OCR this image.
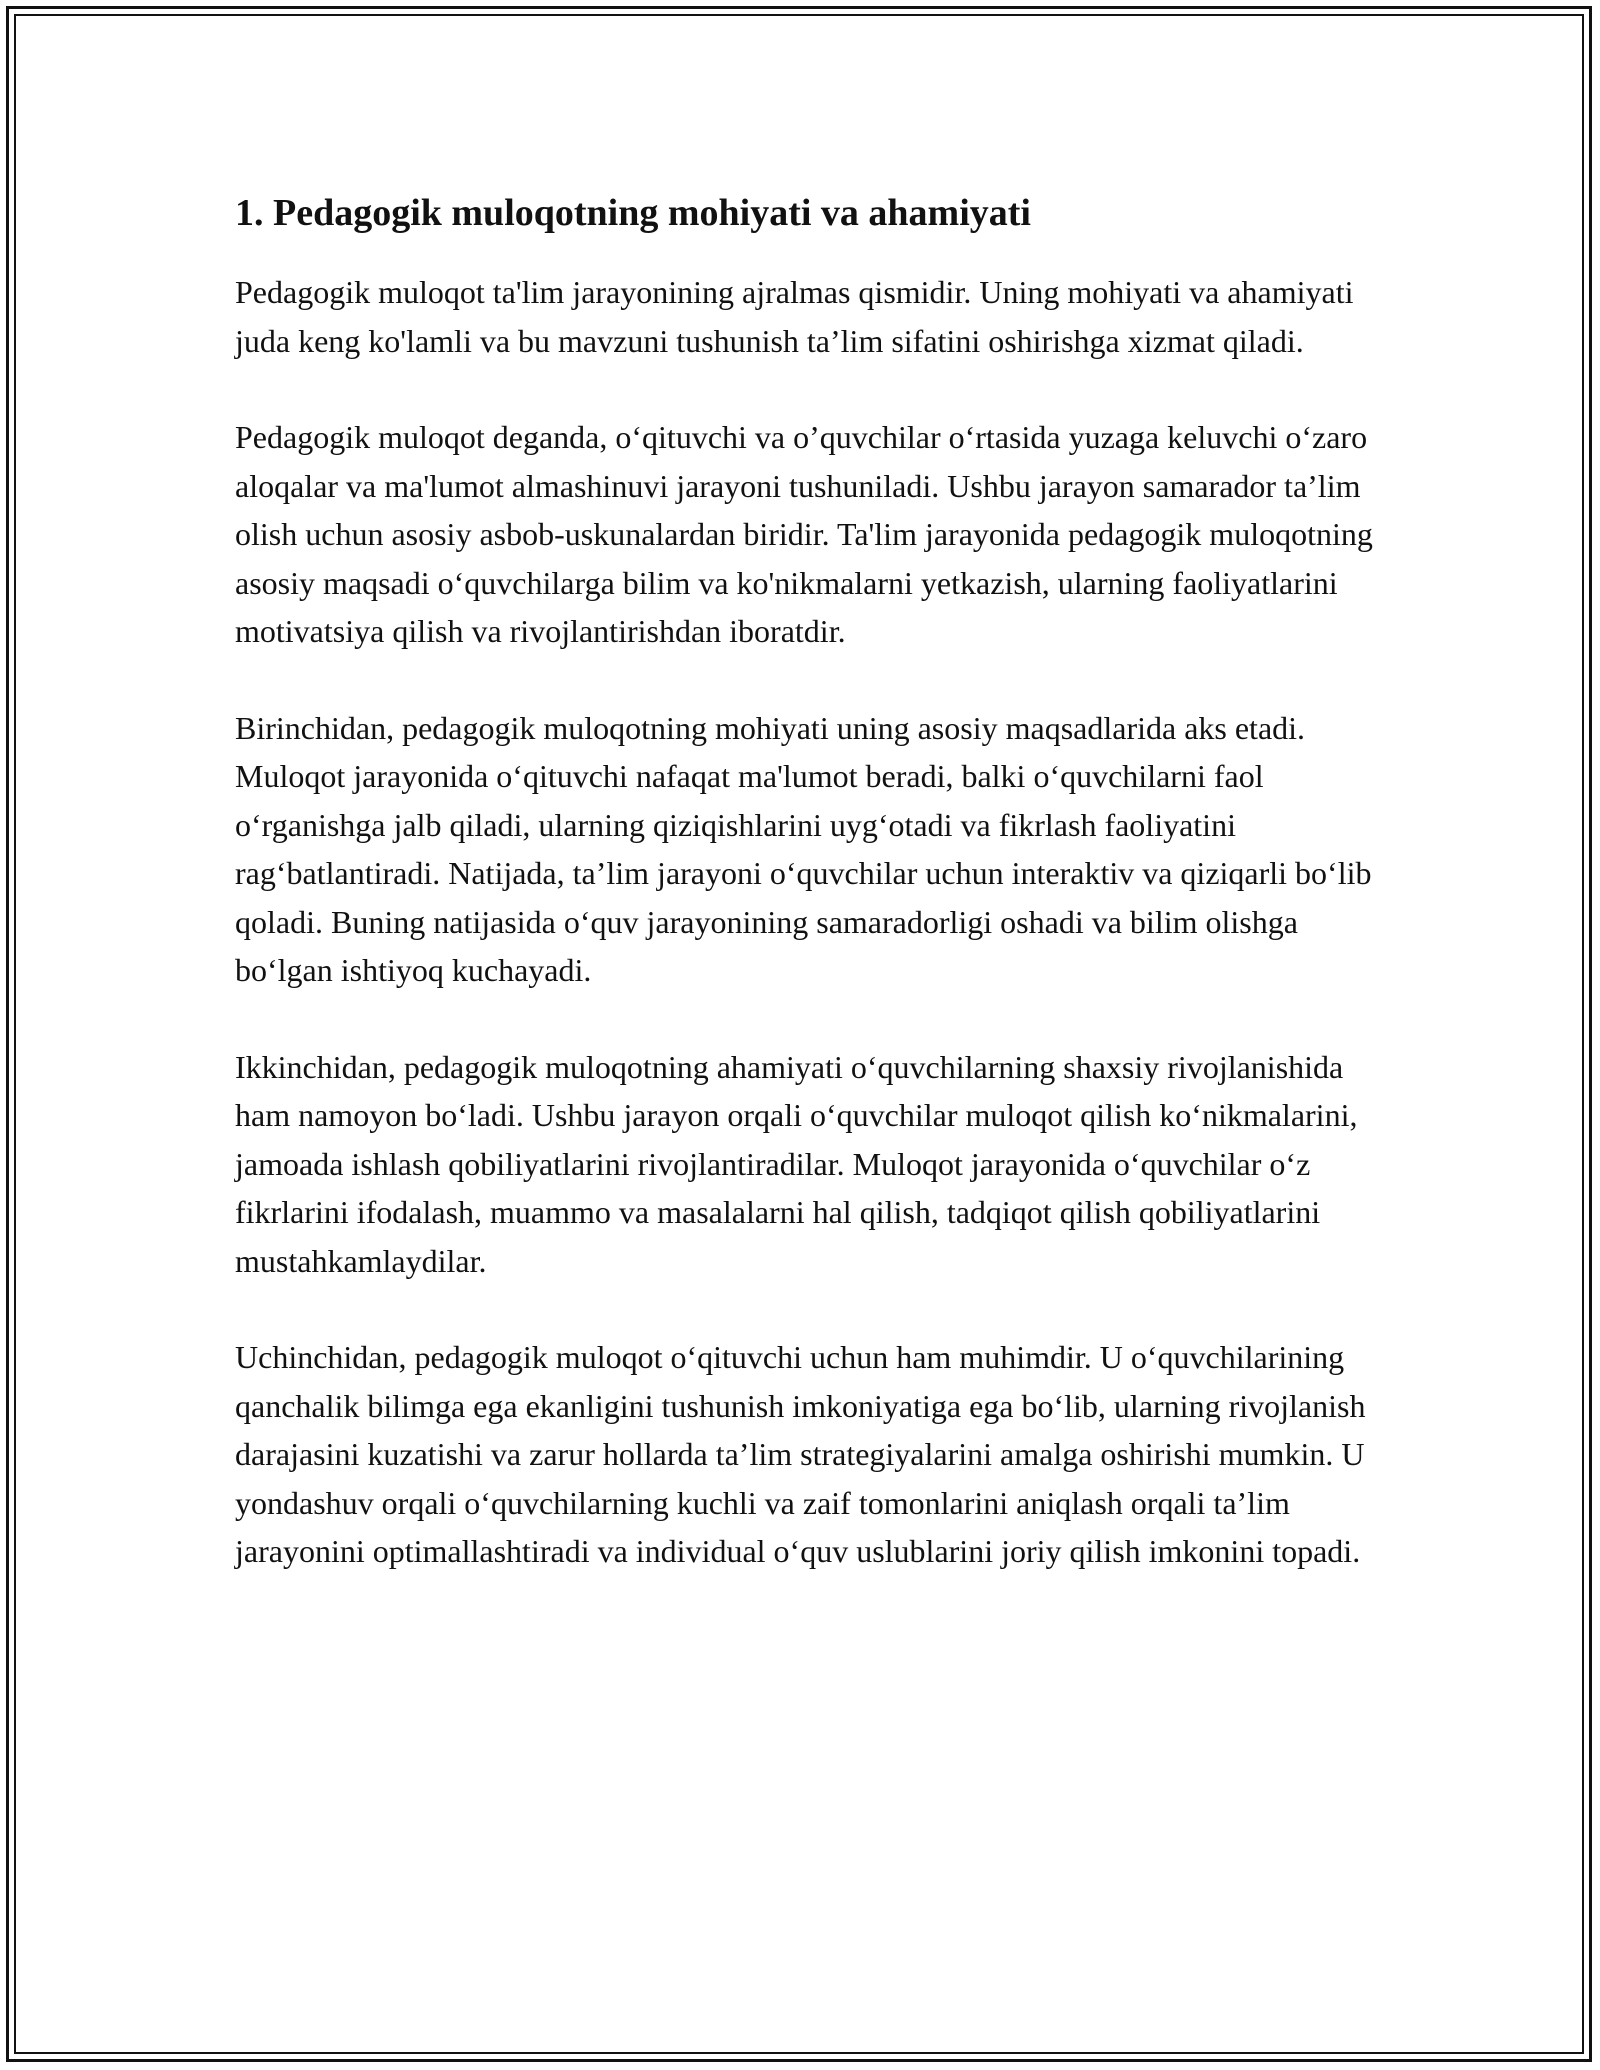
1. Pedagogik muloqotning mohiyati va ahamiyati

Pedagogik muloqot ta'lim jarayonining ajralmas qismidir. Uning mohiyati va ahamiyati juda keng ko'lamli va bu mavzuni tushunish ta’lim sifatini oshirishga xizmat qiladi.

Pedagogik muloqot deganda, oʻqituvchi va o’quvchilar oʻrtasida yuzaga keluvchi oʻzaro aloqalar va ma'lumot almashinuvi jarayoni tushuniladi. Ushbu jarayon samarador ta’lim olish uchun asosiy asbob-uskunalardan biridir. Ta'lim jarayonida pedagogik muloqotning asosiy maqsadi oʻquvchilarga bilim va ko'nikmalarni yetkazish, ularning faoliyatlarini motivatsiya qilish va rivojlantirishdan iboratdir.

Birinchidan, pedagogik muloqotning mohiyati uning asosiy maqsadlarida aks etadi. Muloqot jarayonida oʻqituvchi nafaqat ma'lumot beradi, balki oʻquvchilarni faol oʻrganishga jalb qiladi, ularning qiziqishlarini uygʻotadi va fikrlash faoliyatini ragʻbatlantiradi. Natijada, ta’lim jarayoni oʻquvchilar uchun interaktiv va qiziqarli boʻlib qoladi. Buning natijasida oʻquv jarayonining samaradorligi oshadi va bilim olishga boʻlgan ishtiyoq kuchayadi.

Ikkinchidan, pedagogik muloqotning ahamiyati oʻquvchilarning shaxsiy rivojlanishida ham namoyon boʻladi. Ushbu jarayon orqali oʻquvchilar muloqot qilish koʻnikmalarini, jamoada ishlash qobiliyatlarini rivojlantiradilar. Muloqot jarayonida oʻquvchilar oʻz fikrlarini ifodalash, muammo va masalalarni hal qilish, tadqiqot qilish qobiliyatlarini mustahkamlaydilar.

Uchinchidan, pedagogik muloqot oʻqituvchi uchun ham muhimdir. U oʻquvchilarining qanchalik bilimga ega ekanligini tushunish imkoniyatiga ega boʻlib, ularning rivojlanish darajasini kuzatishi va zarur hollarda ta’lim strategiyalarini amalga oshirishi mumkin. U yondashuv orqali oʻquvchilarning kuchli va zaif tomonlarini aniqlash orqali ta’lim jarayonini optimallashtiradi va individual oʻquv uslublarini joriy qilish imkonini topadi.
